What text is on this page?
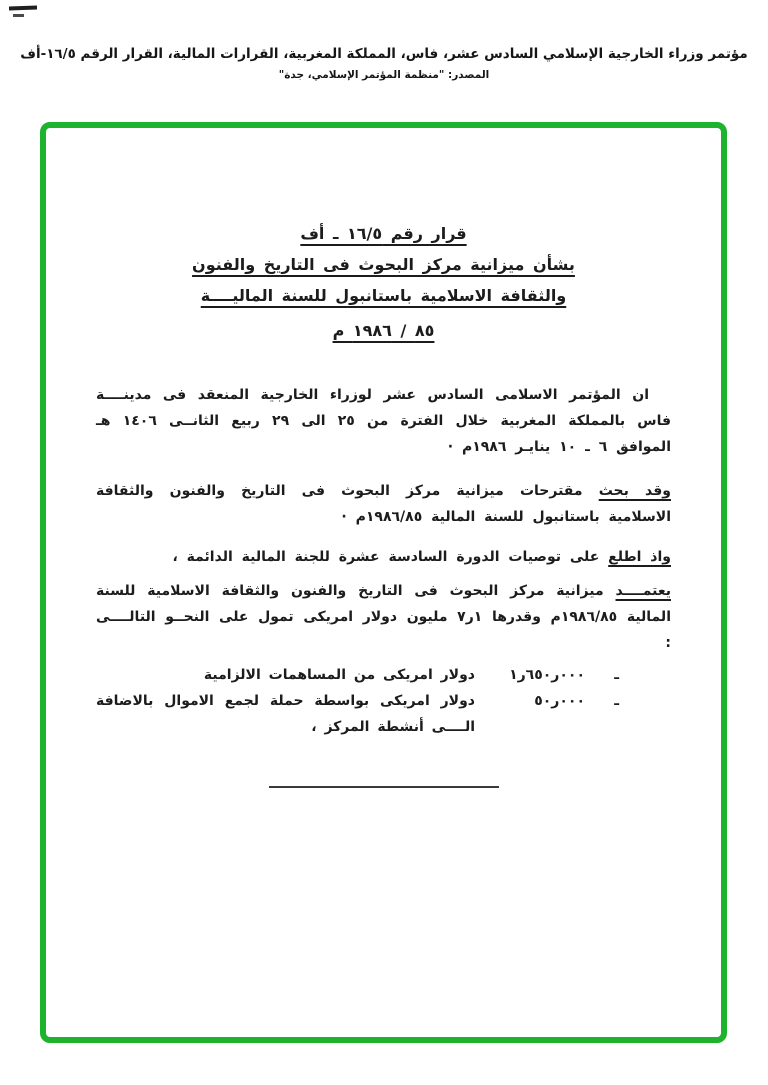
مؤتمر وزراء الخارجية الإسلامي السادس عشر، فاس، المملكة المغربية، القرارات المالية، القرار الرقم ١٦/٥-أف
المصدر: "منظمة المؤتمر الإسلامي، جدة"
قرار رقم ١٦/٥ ـ أف
بشأن ميزانية مركز البحوث فى التاريخ والفنون
والثقافة الاسلامية باستانبول للسنة الماليــــة
٨٥ / ١٩٨٦ م
ان المؤتمر الاسلامى السادس عشر لوزراء الخارجية المنعقد فى مدينــــة فاس بالمملكة المغربية خلال الفترة من ٢٥ الى ٢٩ ربيع الثانــى ١٤٠٦ هـ الموافق ٦ ـ ١٠ ينايـر ١٩٨٦م ·
وقد بحث مقترحات ميزانية مركز البحوث فى التاريخ والفنون والثقافة الاسلامية باستانبول للسنة المالية ١٩٨٦/٨٥م ·
واذ اطلع على توصيات الدورة السادسة عشرة للجنة المالية الدائمة ،
يعتمــــد ميزانية مركز البحوث فى التاريخ والفنون والثقافة الاسلامية للسنة المالية ١٩٨٦/٨٥م وقدرها ١ر٧ مليون دولار امريكى تمول على النحــو التالــــى :
ـ
١ر٦٥٠ر٠٠٠
دولار امريكى من المساهمات الالزامية
ـ
٥٠ر٠٠٠
دولار امريكى بواسطة حملة لجمع الاموال بالاضافة الــــى أنشطة المركز ،
